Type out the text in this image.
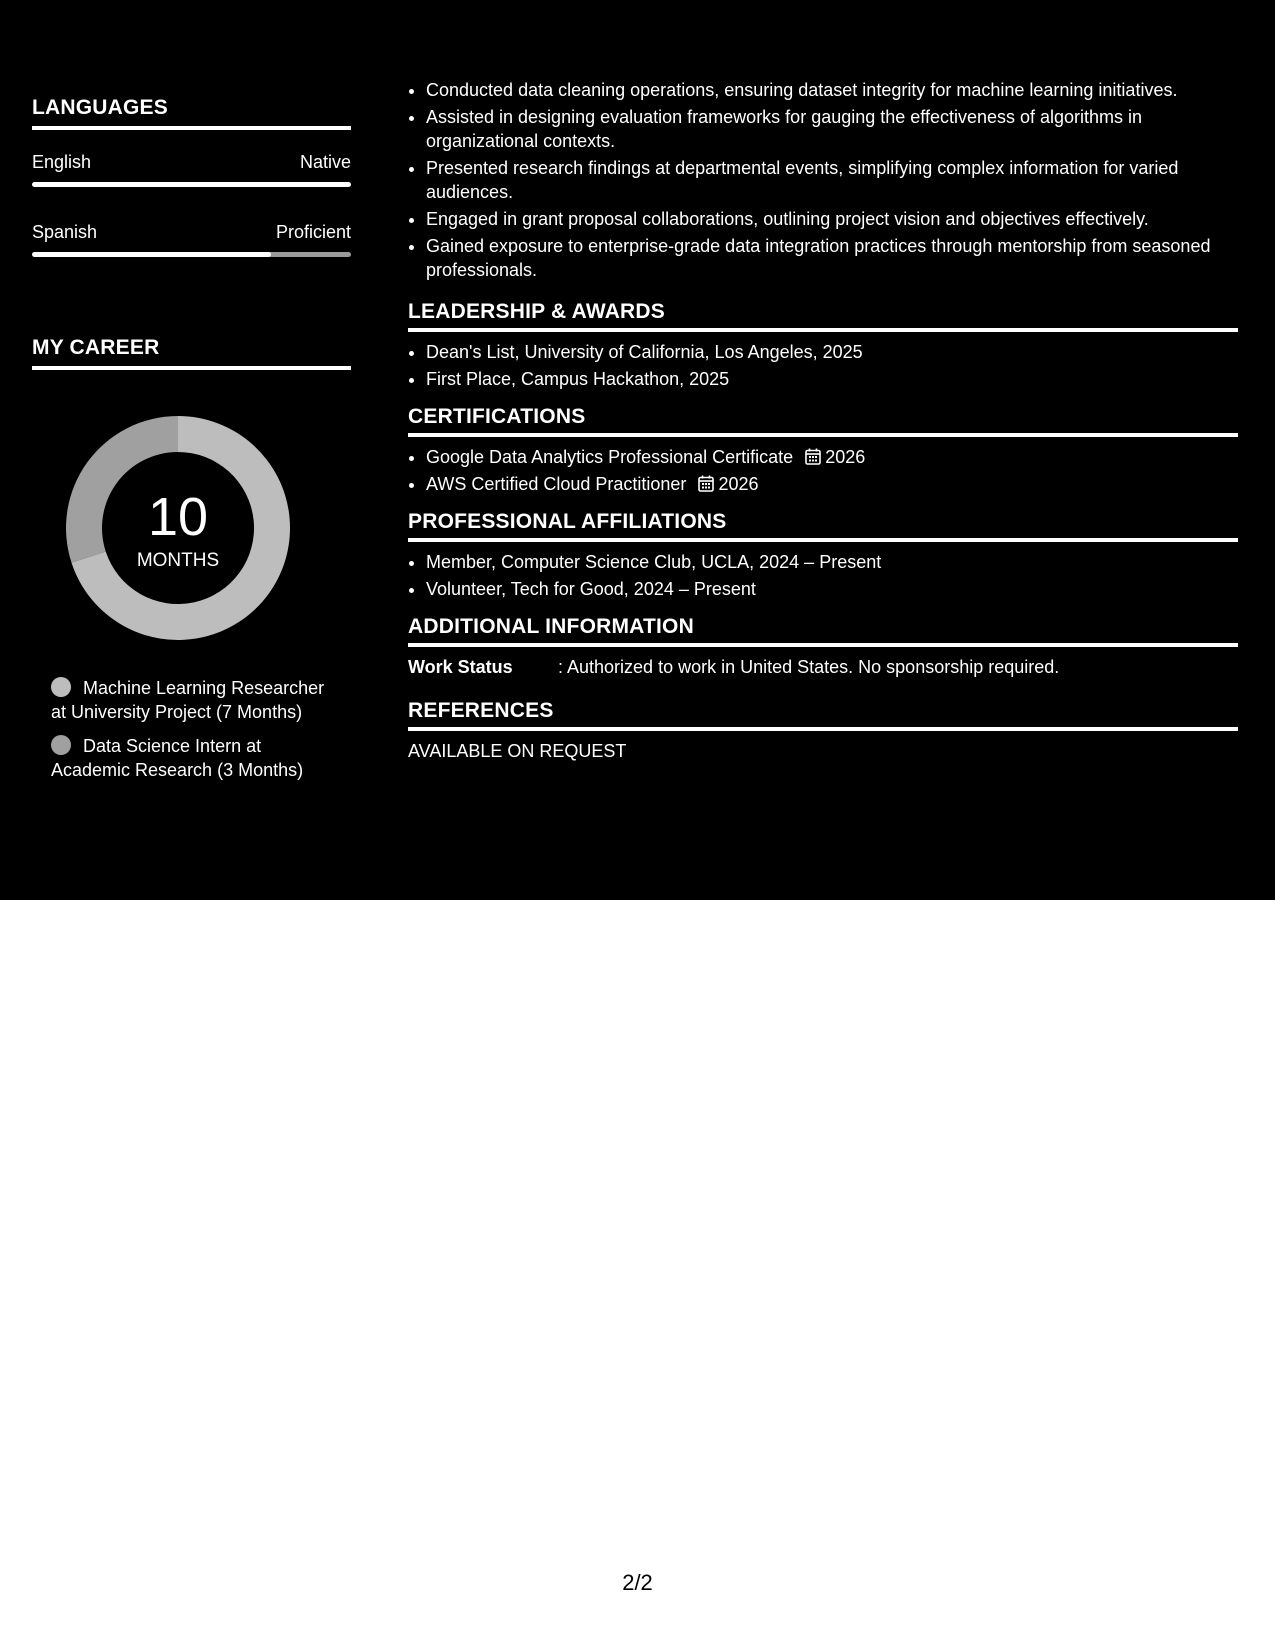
LANGUAGES
English	Native
Spanish	Proficient
MY CAREER
10
MONTHS
Machine Learning Researcher at University Project (7 Months)
Data Science Intern at Academic Research (3 Months)
• Conducted data cleaning operations, ensuring dataset integrity for machine learning initiatives.
• Assisted in designing evaluation frameworks for gauging the effectiveness of algorithms in organizational contexts.
• Presented research findings at departmental events, simplifying complex information for varied audiences.
• Engaged in grant proposal collaborations, outlining project vision and objectives effectively.
• Gained exposure to enterprise-grade data integration practices through mentorship from seasoned professionals.
LEADERSHIP & AWARDS
• Dean's List, University of California, Los Angeles, 2025
• First Place, Campus Hackathon, 2025
CERTIFICATIONS
• Google Data Analytics Professional Certificate 2026
• AWS Certified Cloud Practitioner 2026
PROFESSIONAL AFFILIATIONS
• Member, Computer Science Club, UCLA, 2024 – Present
• Volunteer, Tech for Good, 2024 – Present
ADDITIONAL INFORMATION
Work Status	: Authorized to work in United States. No sponsorship required.
REFERENCES
AVAILABLE ON REQUEST
2/2
